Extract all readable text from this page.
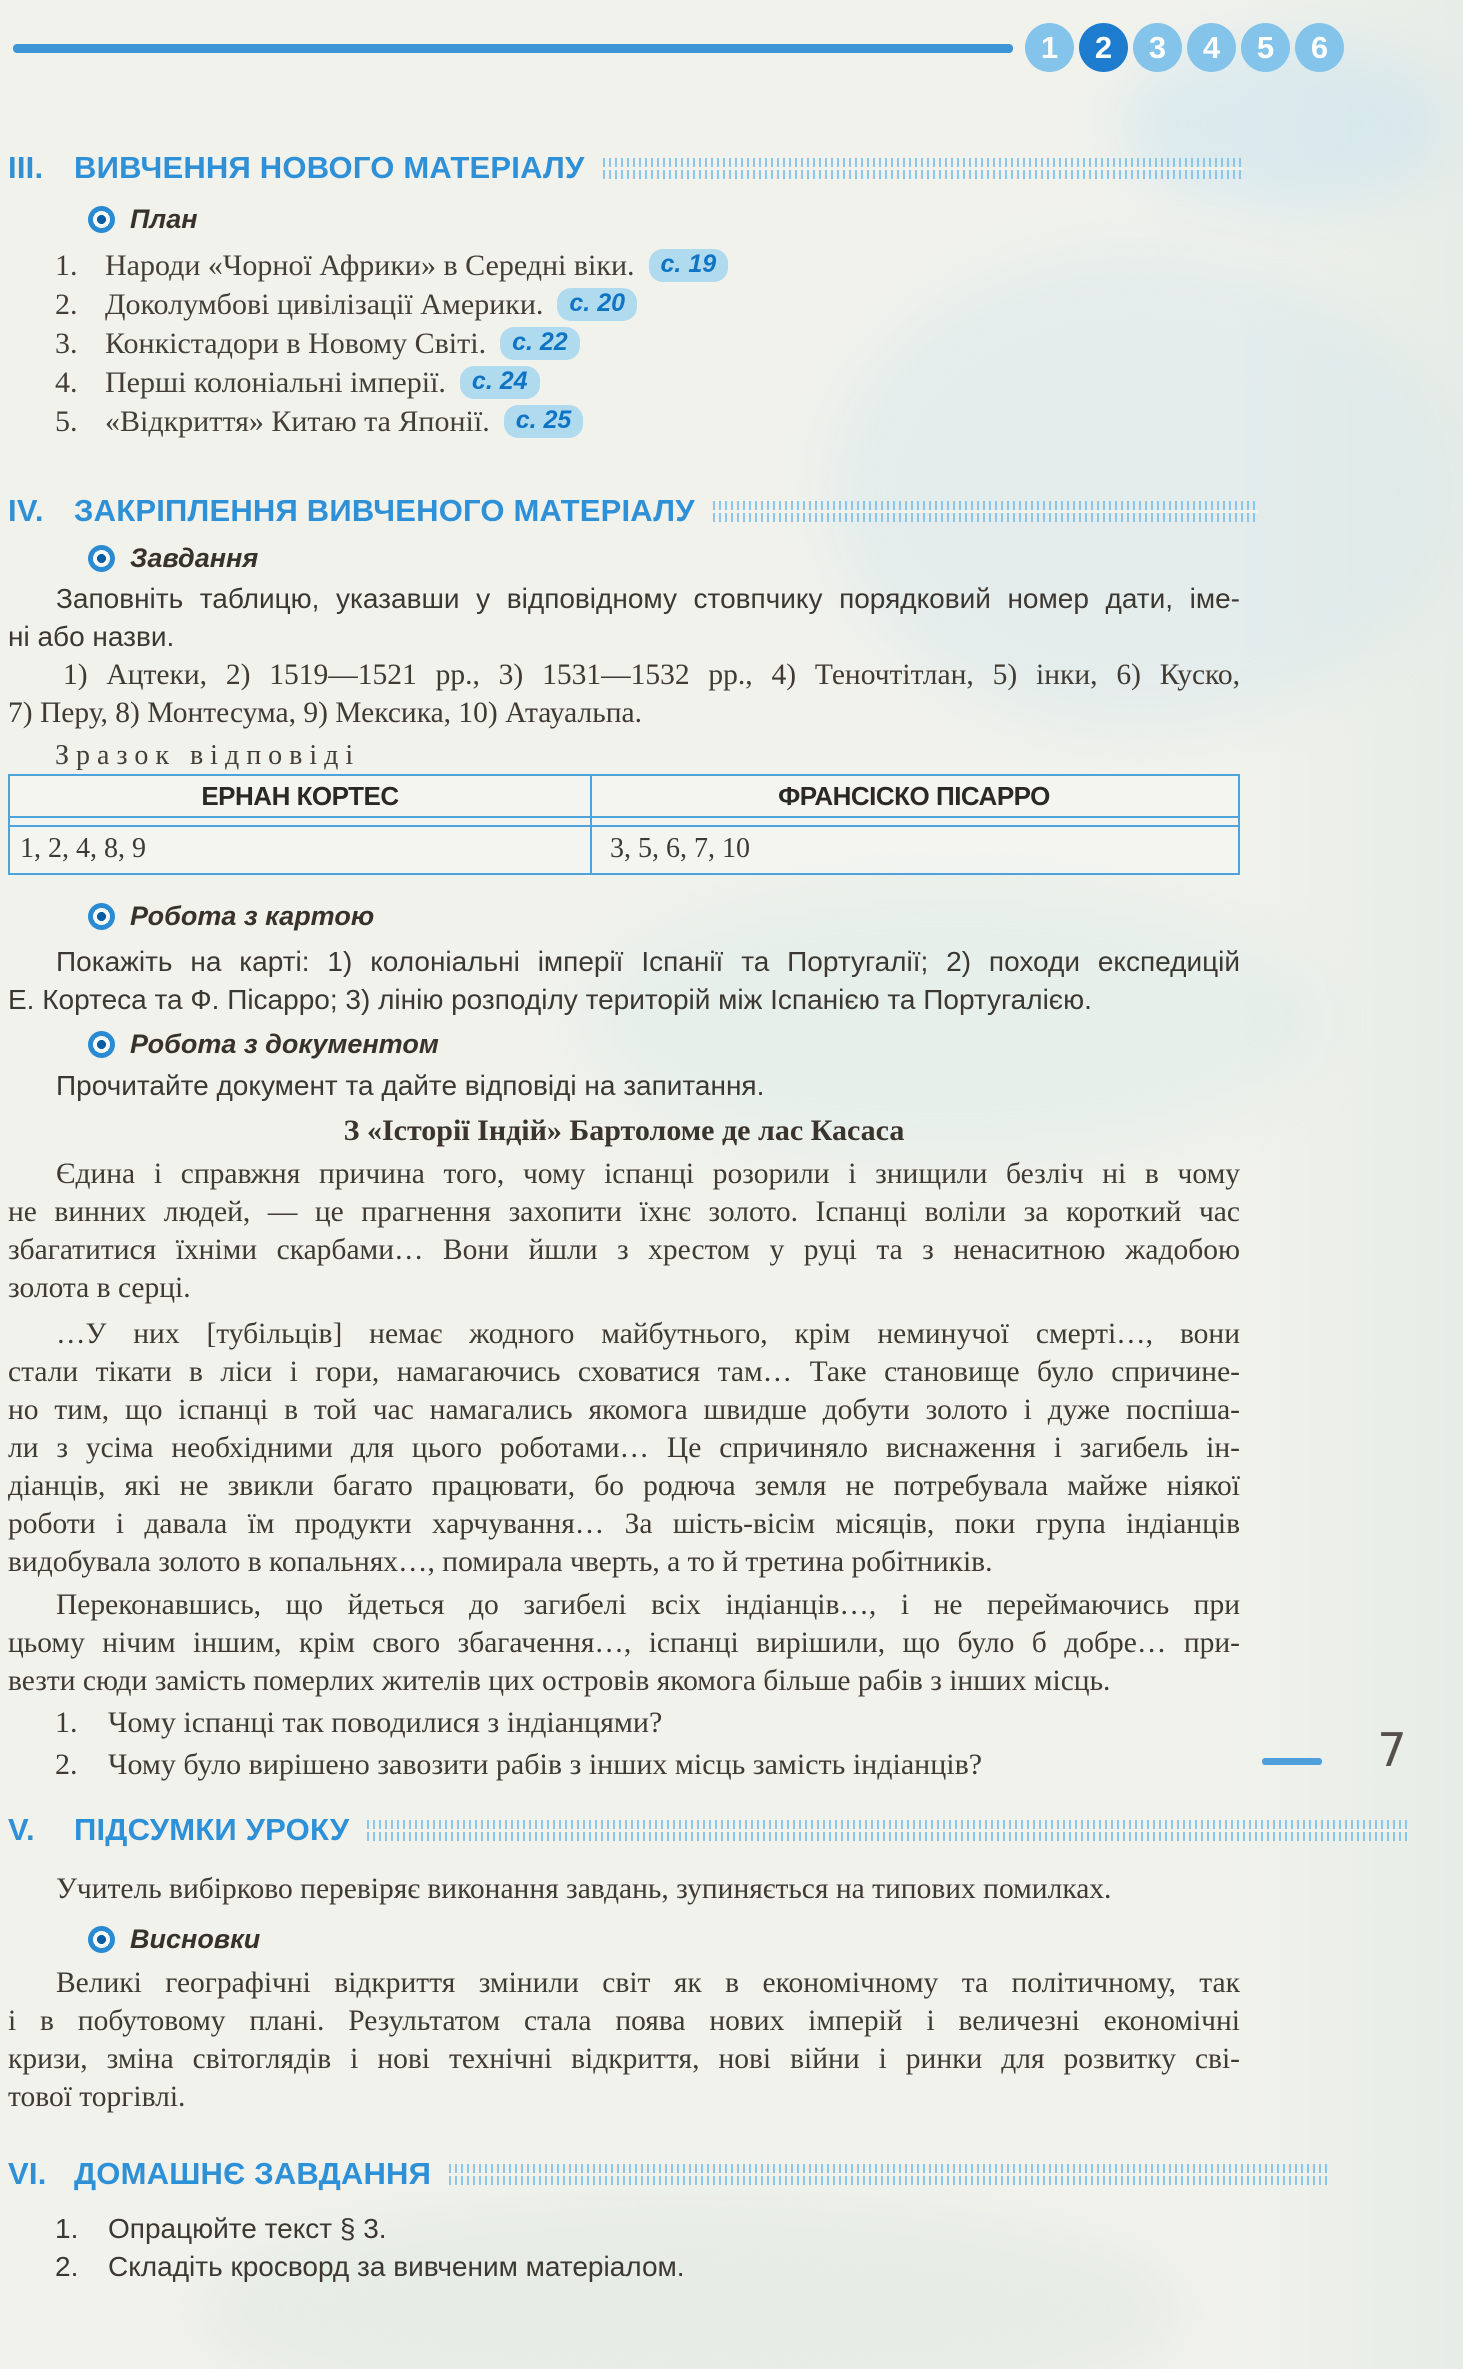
1	2	3	4	5	6
III. ВИВЧЕННЯ НОВОГО МАТЕРІАЛУ
План
1. Народи «Чорної Африки» в Середні віки.	с. 19
2. Доколумбові цивілізації Америки.	с. 20
3. Конкістадори в Новому Світі.	с. 22
4. Перші колоніальні імперії.	с. 24
5. «Відкриття» Китаю та Японії.	с. 25
IV. ЗАКРІПЛЕННЯ ВИВЧЕНОГО МАТЕРІАЛУ
Завдання
Заповніть таблицю, указавши у відповідному стовпчику порядковий номер дати, іме-
ні або назви.
1) Ацтеки, 2) 1519—1521 рр., 3) 1531—1532 рр., 4) Теночтітлан, 5) інки, 6) Куско,
7) Перу, 8) Монтесума, 9) Мексика, 10) Атауальпа.
Зразок відповіді
ЕРНАН КОРТЕС	ФРАНСІСКО ПІСАРРО
1, 2, 4, 8, 9	3, 5, 6, 7, 10
Робота з картою
Покажіть на карті: 1) колоніальні імперії Іспанії та Португалії; 2) походи експедицій
Е. Кортеса та Ф. Пісарро; 3) лінію розподілу територій між Іспанією та Португалією.
Робота з документом
Прочитайте документ та дайте відповіді на запитання.
З «Історії Індій» Бартоломе де лас Касаса
Єдина і справжня причина того, чому іспанці розорили і знищили безліч ні в чому
не винних людей, — це прагнення захопити їхнє золото. Іспанці воліли за короткий час
збагатитися їхніми скарбами… Вони йшли з хрестом у руці та з ненаситною жадобою
золота в серці.
…У них [тубільців] немає жодного майбутнього, крім неминучої смерті…, вони
стали тікати в ліси і гори, намагаючись сховатися там… Таке становище було спричине-
но тим, що іспанці в той час намагались якомога швидше добути золото і дуже поспіша-
ли з усіма необхідними для цього роботами… Це спричиняло виснаження і загибель ін-
діанців, які не звикли багато працювати, бо родюча земля не потребувала майже ніякої
роботи і давала їм продукти харчування… За шість-вісім місяців, поки група індіанців
видобувала золото в копальнях…, помирала чверть, а то й третина робітників.
Переконавшись, що йдеться до загибелі всіх індіанців…, і не переймаючись при
цьому нічим іншим, крім свого збагачення…, іспанці вирішили, що було б добре… при-
везти сюди замість померлих жителів цих островів якомога більше рабів з інших місць.
1.	Чому іспанці так поводилися з індіанцями?
2.	Чому було вирішено завозити рабів з інших місць замість індіанців?	7
V.	ПІДСУМКИ УРОКУ
Учитель вибірково перевіряє виконання завдань, зупиняється на типових помилках.
Висновки
Великі географічні відкриття змінили світ як в економічному та політичному, так
і в побутовому плані. Результатом стала поява нових імперій і величезні економічні
кризи, зміна світоглядів і нові технічні відкриття, нові війни і ринки для розвитку сві-
тової торгівлі.
VI. ДОМАШНЄ ЗАВДАННЯ
1.	Опрацюйте текст § 3.
2.	Складіть кросворд за вивченим матеріалом.
